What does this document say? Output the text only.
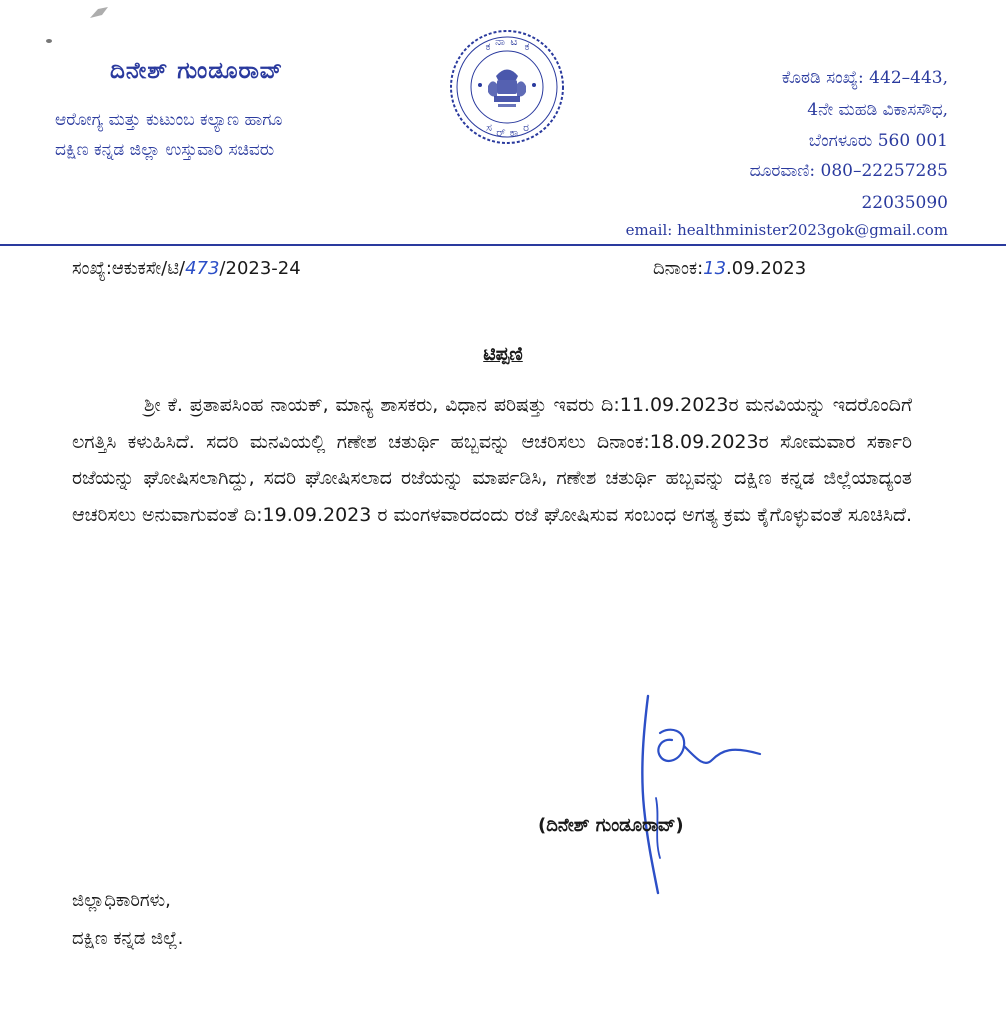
ದಿನೇಶ್ ಗುಂಡೂರಾವ್
ಆರೋಗ್ಯ ಮತ್ತು ಕುಟುಂಬ ಕಲ್ಯಾಣ ಹಾಗೂ
ದಕ್ಷಿಣ ಕನ್ನಡ ಜಿಲ್ಲಾ ಉಸ್ತುವಾರಿ ಸಚಿವರು
ಕ ನಾ ಟ ಕ
ಸ ರ್ ಕಾ ರ
ಕೊಠಡಿ ಸಂಖ್ಯೆ: 442–443,
4ನೇ ಮಹಡಿ ವಿಕಾಸಸೌಧ,
ಬೆಂಗಳೂರು 560 001
ದೂರವಾಣಿ: 080–22257285
22035090
email: healthminister2023gok@gmail.com
ಸಂಖ್ಯೆ:ಆಕುಕಸೇ/ಟಿ/473/2023-24	ದಿನಾಂಕ:13.09.2023
ಟಿಪ್ಪಣಿ
ಶ್ರೀ ಕೆ. ಪ್ರತಾಪಸಿಂಹ ನಾಯಕ್, ಮಾನ್ಯ ಶಾಸಕರು, ವಿಧಾನ ಪರಿಷತ್ತು ಇವರು ದಿ:11.09.2023ರ ಮನವಿಯನ್ನು ಇದರೊಂದಿಗೆ ಲಗತ್ತಿಸಿ ಕಳುಹಿಸಿದೆ. ಸದರಿ ಮನವಿಯಲ್ಲಿ ಗಣೇಶ ಚತುರ್ಥಿ ಹಬ್ಬವನ್ನು ಆಚರಿಸಲು ದಿನಾಂಕ:18.09.2023ರ ಸೋಮವಾರ ಸರ್ಕಾರಿ ರಜೆಯನ್ನು ಘೋಷಿಸಲಾಗಿದ್ದು, ಸದರಿ ಘೋಷಿಸಲಾದ ರಜೆಯನ್ನು ಮಾರ್ಪಡಿಸಿ, ಗಣೇಶ ಚತುರ್ಥಿ ಹಬ್ಬವನ್ನು ದಕ್ಷಿಣ ಕನ್ನಡ ಜಿಲ್ಲೆಯಾದ್ಯಂತ ಆಚರಿಸಲು ಅನುವಾಗುವಂತೆ ದಿ:19.09.2023 ರ ಮಂಗಳವಾರದಂದು ರಜೆ ಘೋಷಿಸುವ ಸಂಬಂಧ ಅಗತ್ಯ ಕ್ರಮ ಕೈಗೊಳ್ಳುವಂತೆ ಸೂಚಿಸಿದೆ.
(ದಿನೇಶ್ ಗುಂಡೂರಾವ್)
ಜಿಲ್ಲಾಧಿಕಾರಿಗಳು,
ದಕ್ಷಿಣ ಕನ್ನಡ ಜಿಲ್ಲೆ.
